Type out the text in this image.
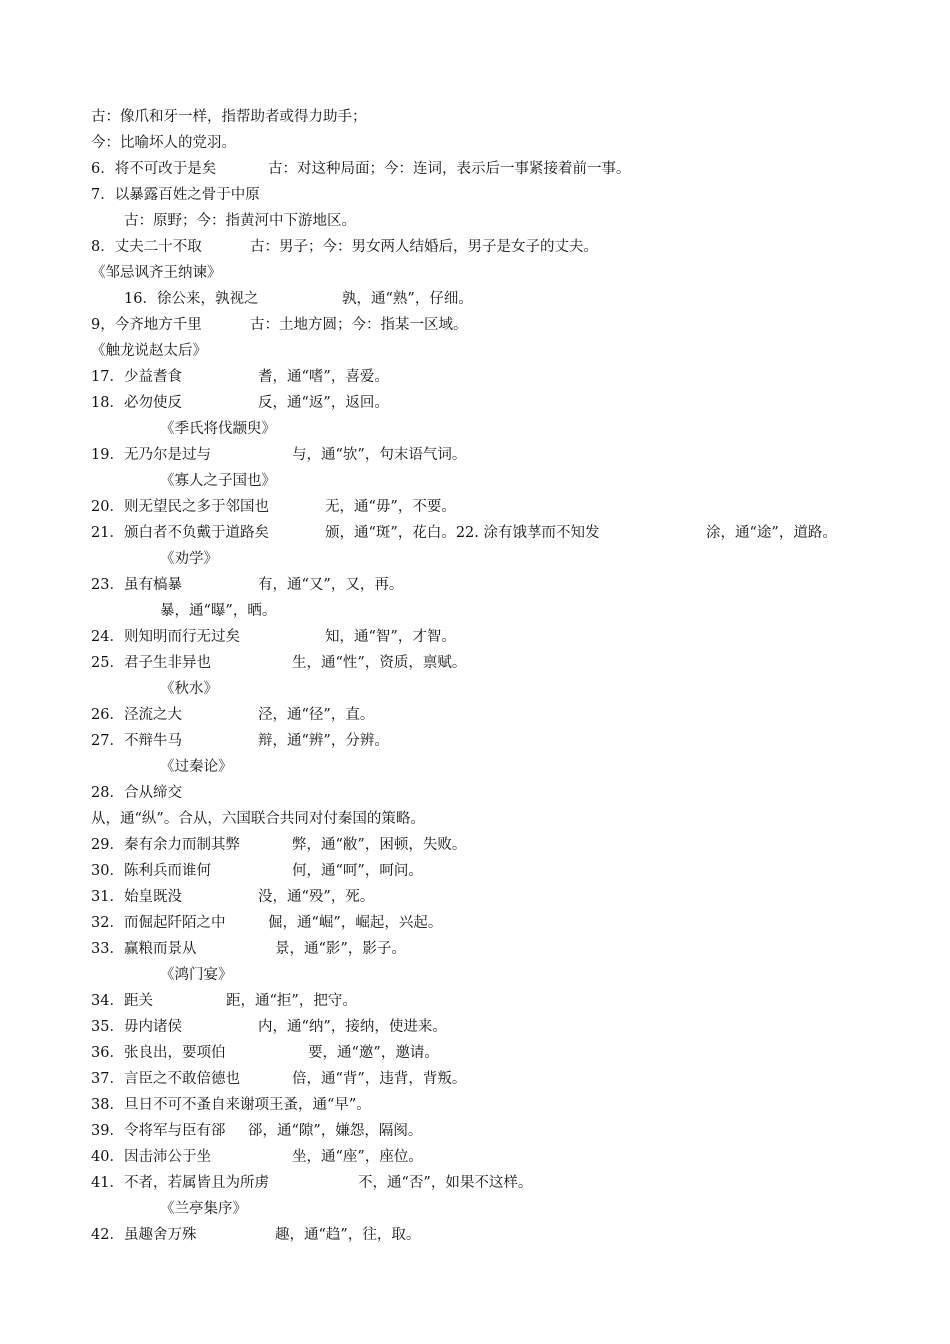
古：像爪和牙一样，指帮助者或得力助手；
今：比喻坏人的党羽。
6．将不可改于是矣	古：对这种局面；今：连词，表示后一事紧接着前一事。
7．以暴露百姓之骨于中原
古：原野；今：指黄河中下游地区。
8．丈夫二十不取	古：男子；今：男女两人结婚后，男子是女子的丈夫。
《邹忌讽齐王纳谏》
16．徐公来，孰视之	孰，通“熟”，仔细。
9，今齐地方千里	古：土地方圆；今：指某一区域。
《触龙说赵太后》
17．少益耆食	耆，通“嗜”，喜爱。
18．必勿使反	反，通“返”，返回。
《季氏将伐颛臾》
19．无乃尔是过与	与，通“欤”，句末语气词。
《寡人之子国也》
20．则无望民之多于邻国也	无，通“毋”，不要。
21．颁白者不负戴于道路矣	颁，通“斑”，花白。22. 涂有饿莩而不知发	涂，通“途”，道路。
《劝学》
23．虽有槁暴	有，通“又”，又，再。
暴，通“曝”，晒。
24．则知明而行无过矣	知，通“智”，才智。
25．君子生非异也	生，通“性”，资质，禀赋。
《秋水》
26．泾流之大	泾，通“径”，直。
27．不辩牛马	辩，通“辨”，分辨。
《过秦论》
28．合从缔交
从，通“纵”。合从，六国联合共同对付秦国的策略。
29．秦有余力而制其弊	弊，通“敝”，困顿，失败。
30．陈利兵而谁何	何，通“呵”，呵问。
31．始皇既没	没，通“殁”，死。
32．而倔起阡陌之中	倔，通“崛”，崛起，兴起。
33．赢粮而景从	景，通“影”，影子。
《鸿门宴》
34．距关	距，通“拒”，把守。
35．毋内诸侯	内，通“纳”，接纳，使进来。
36．张良出，要项伯	要，通“邀”，邀请。
37．言臣之不敢倍德也	倍，通“背”，违背，背叛。
38．旦日不可不蚤自来谢项王蚤，通“早”。
39．令将军与臣有郤 郤，通“隙”，嫌怨，隔阂。
40．因击沛公于坐	坐，通“座”，座位。
41．不者，若属皆且为所虏	不，通“否”，如果不这样。
《兰亭集序》
42．虽趣舍万殊	趣，通“趋”，往，取。
